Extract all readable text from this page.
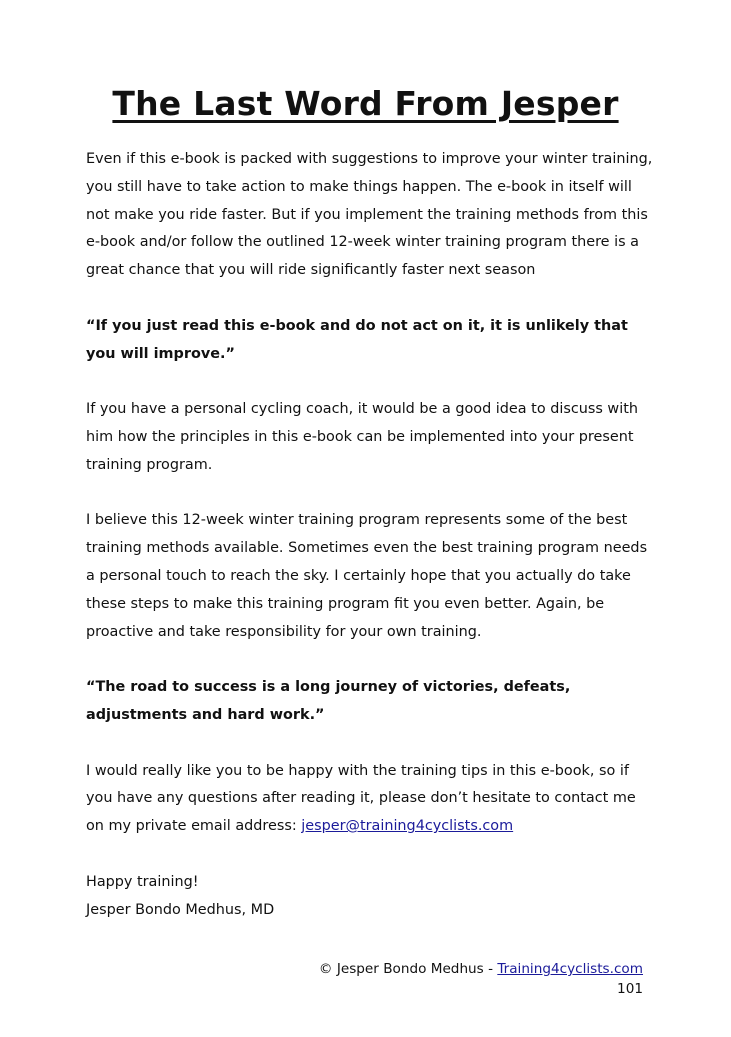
The Last Word From Jesper

Even if this e-book is packed with suggestions to improve your winter training, you still have to take action to make things happen. The e-book in itself will not make you ride faster. But if you implement the training methods from this e-book and/or follow the outlined 12-week winter training program there is a great chance that you will ride significantly faster next season

“If you just read this e-book and do not act on it, it is unlikely that you will improve.”

If you have a personal cycling coach, it would be a good idea to discuss with him how the principles in this e-book can be implemented into your present training program.

I believe this 12-week winter training program represents some of the best training methods available. Sometimes even the best training program needs a personal touch to reach the sky. I certainly hope that you actually do take these steps to make this training program fit you even better. Again, be proactive and take responsibility for your own training.

“The road to success is a long journey of victories, defeats, adjustments and hard work.”

I would really like you to be happy with the training tips in this e-book, so if you have any questions after reading it, please don’t hesitate to contact me on my private email address: jesper@training4cyclists.com

Happy training!

Jesper Bondo Medhus, MD

© Jesper Bondo Medhus - Training4cyclists.com
101
